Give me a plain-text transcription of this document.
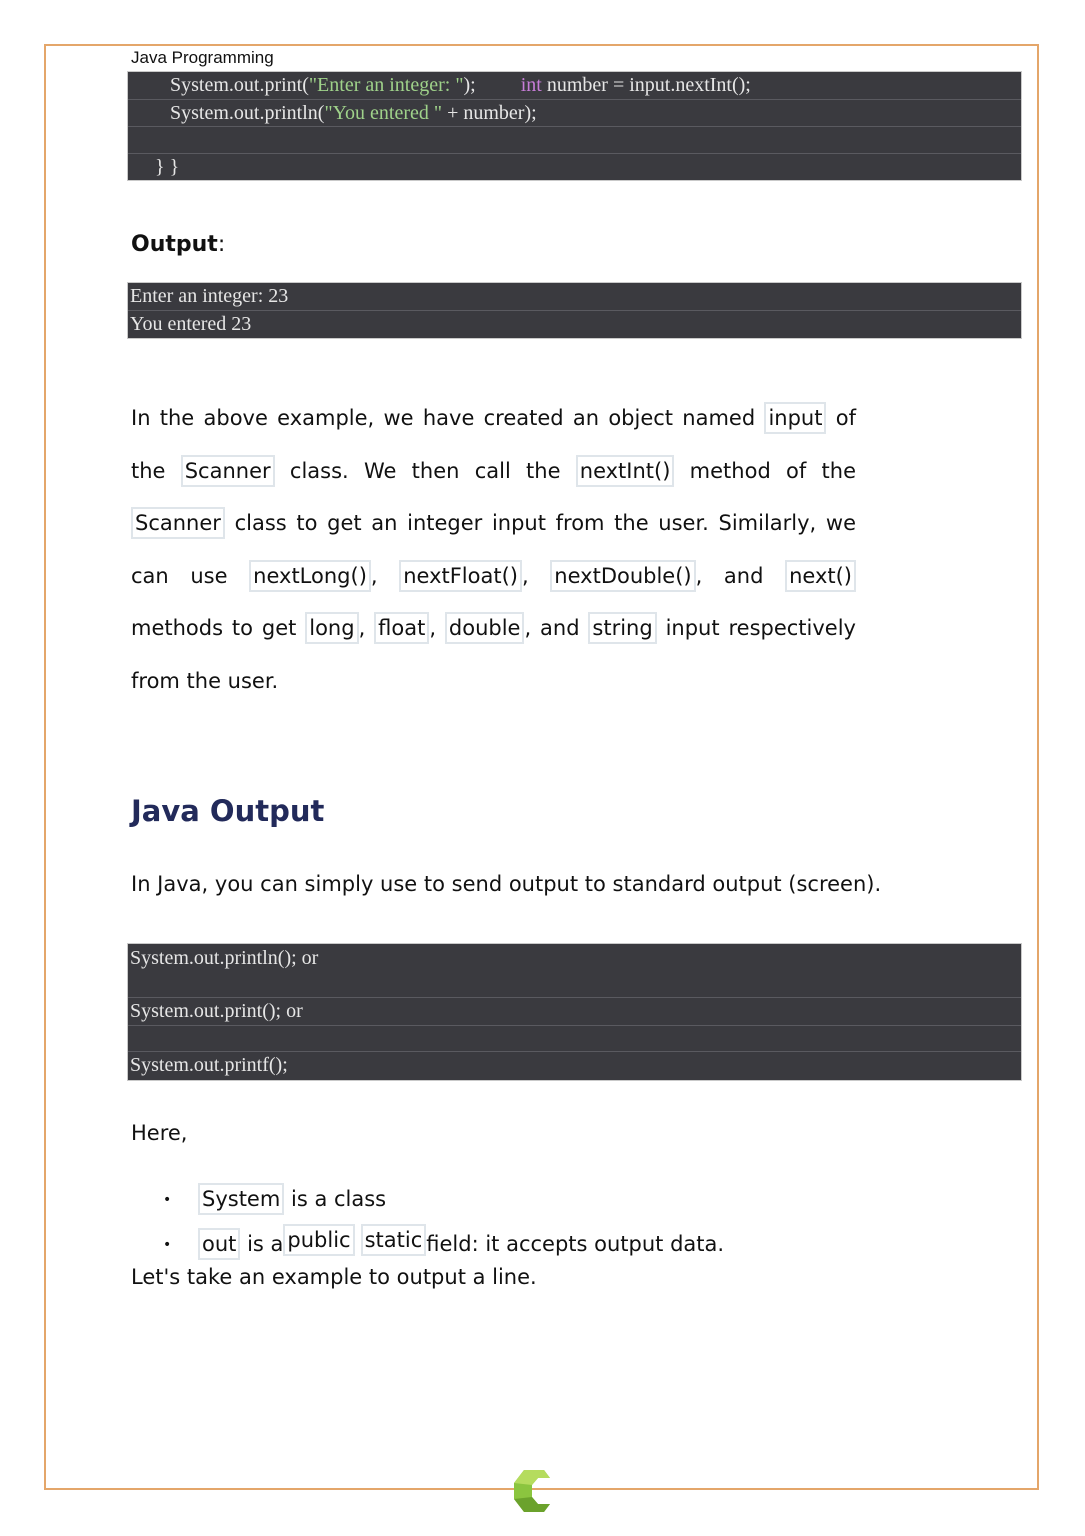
Java Programming
System.out.print("Enter an integer: ");         int number = input.nextInt();
System.out.println("You entered " + number);
} }
Output:
Enter an integer: 23
You entered 23
In the above example, we have created an object named input of the Scanner class. We then call the nextInt() method of the Scanner class to get an integer input from the user. Similarly, we can use nextLong() , nextFloat() , nextDouble() , and next() methods to get long , float , double , and string input respectively from the user.
Java Output
In Java, you can simply use to send output to standard output (screen).
System.out.println(); or
System.out.print(); or
System.out.printf();
Here,
• System is a class
• out is a public static field: it accepts output data.
Let's take an example to output a line.
